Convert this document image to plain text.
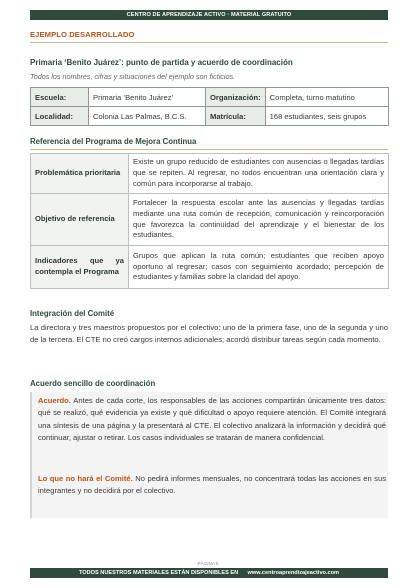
CENTRO DE APRENDIZAJE ACTIVO · MATERIAL GRATUITO
EJEMPLO DESARROLLADO
Primaria ‘Benito Juárez’: punto de partida y acuerdo de coordinación
Todos los nombres, cifras y situaciones del ejemplo son ficticios.
Escuela:	Primaria ‘Benito Juárez’	Organización:	Completa, turno matutino
Localidad:	Colonia Las Palmas, B.C.S.	Matrícula:	168 estudiantes, seis grupos
Referencia del Programa de Mejora Continua
Problemática prioritaria	Existe un grupo reducido de estudiantes con ausencias o llegadas tardías que se repiten. Al regresar, no todos encuentran una orientación clara y común para incorporarse al trabajo.
Objetivo de referencia	Fortalecer la respuesta escolar ante las ausencias y llegadas tardías mediante una ruta común de recepción, comunicación y reincorporación que favorezca la continuidad del aprendizaje y el bienestar de los estudiantes.
Indicadores que ya contempla el Programa	Grupos que aplican la ruta común; estudiantes que reciben apoyo oportuno al regresar; casos con seguimiento acordado; percepción de estudiantes y familias sobre la claridad del apoyo.
Integración del Comité
La directora y tres maestros propuestos por el colectivo: uno de la primera fase, uno de la segunda y uno de la tercera. El CTE no creó cargos internos adicionales; acordó distribuir tareas según cada momento.
Acuerdo sencillo de coordinación

Acuerdo. Antes de cada corte, los responsables de las acciones compartirán únicamente tres datos: qué se realizó, qué evidencia ya existe y qué dificultad o apoyo requiere atención. El Comité integrará una síntesis de una página y la presentará al CTE. El colectivo analizará la información y decidirá qué continuar, ajustar o retirar. Los casos individuales se tratarán de manera confidencial.

Lo que no hará el Comité. No pedirá informes mensuales, no concentrará todas las acciones en sus integrantes y no decidirá por el colectivo.

PÁGINA 5
TODOS NUESTROS MATERIALES ESTÁN DISPONIBLES EN www.centroaprendizajeactivo.com
